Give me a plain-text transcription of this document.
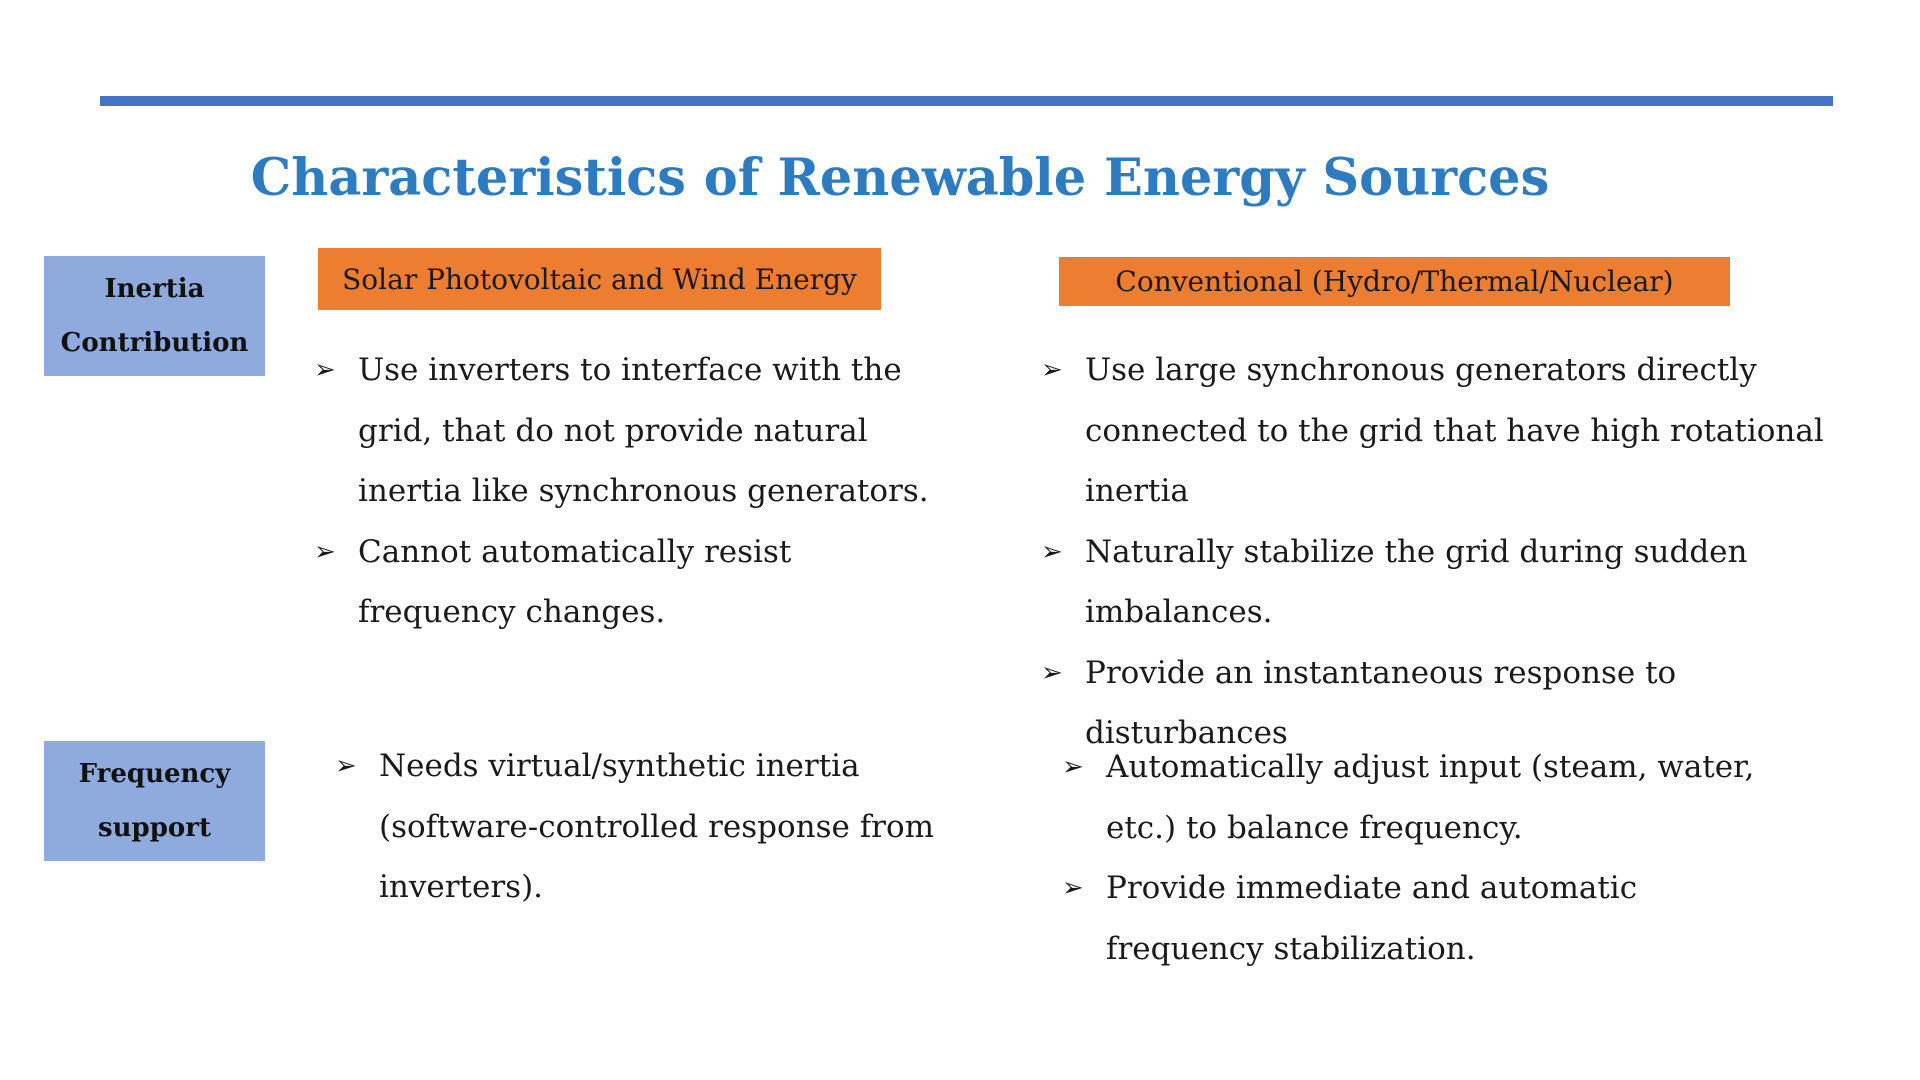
Characteristics of Renewable Energy Sources
Inertia
Contribution
Frequency
support
Solar Photovoltaic and Wind Energy	Conventional (Hydro/Thermal/Nuclear)
➢ Use inverters to interface with the grid, that do not provide natural inertia like synchronous generators.
➢ Cannot automatically resist frequency changes.
➢ Use large synchronous generators directly connected to the grid that have high rotational inertia
➢ Naturally stabilize the grid during sudden imbalances.
➢ Provide an instantaneous response to disturbances
➢ Needs virtual/synthetic inertia (software-controlled response from inverters).
➢ Automatically adjust input (steam, water, etc.) to balance frequency.
➢ Provide immediate and automatic frequency stabilization.
